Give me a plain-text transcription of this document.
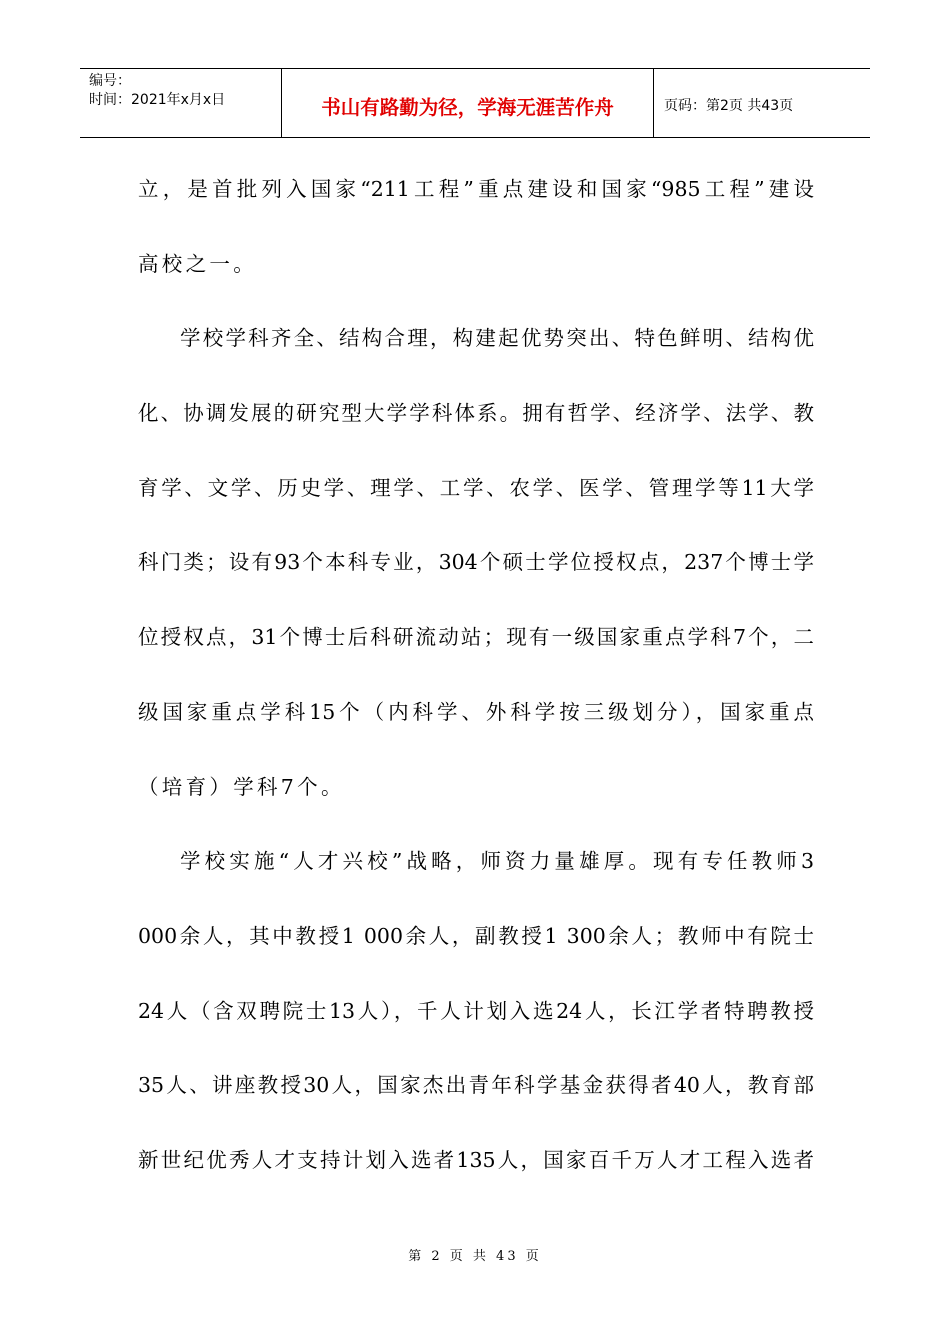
编号：
时间：2021年x月x日	书山有路勤为径，学海无涯苦作舟	页码：第2页 共43页
立，是首批列入国家“211工程”重点建设和国家“985工程”建设
高校之一。
学校学科齐全、结构合理，构建起优势突出、特色鲜明、结构优
化、协调发展的研究型大学学科体系。拥有哲学、经济学、法学、教
育学、文学、历史学、理学、工学、农学、医学、管理学等11大学
科门类；设有93个本科专业，304个硕士学位授权点，237个博士学
位授权点，31个博士后科研流动站；现有一级国家重点学科7个，二
级国家重点学科15个（内科学、外科学按三级划分），国家重点
（培育）学科7个。
学校实施“人才兴校”战略，师资力量雄厚。现有专任教师3
000余人，其中教授1 000余人，副教授1 300余人；教师中有院士
24人（含双聘院士13人），千人计划入选24人，长江学者特聘教授
35人、讲座教授30人，国家杰出青年科学基金获得者40人，教育部
新世纪优秀人才支持计划入选者135人，国家百千万人才工程入选者
第 2 页 共 43 页
